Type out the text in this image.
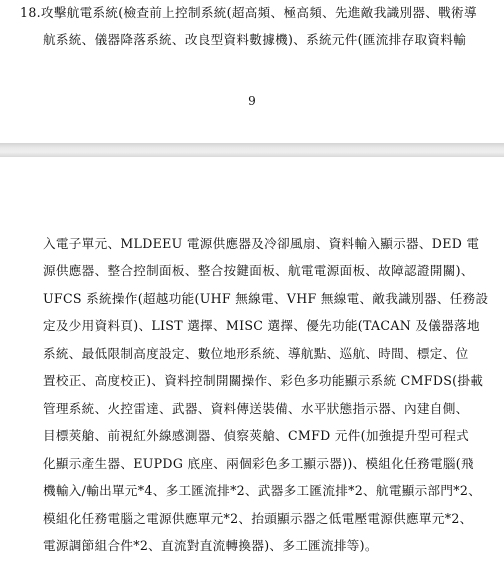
18.攻擊航電系統(檢查前上控制系統(超高頻、極高頻、先進敵我識別器、戰術導
航系統、儀器降落系統、改良型資料數據機)、系統元件(匯流排存取資料輸
9
入電子單元、MLDEEU 電源供應器及冷卻風扇、資料輸入顯示器、DED 電
源供應器、整合控制面板、整合按鍵面板、航電電源面板、故障認證開關)、
UFCS 系統操作(超越功能(UHF 無線電、VHF 無線電、敵我識別器、任務設
定及少用資料頁)、LIST 選擇、MISC 選擇、優先功能(TACAN 及儀器落地
系統、最低限制高度設定、數位地形系統、導航點、巡航、時間、標定、位
置校正、高度校正)、資料控制開關操作、彩色多功能顯示系統 CMFDS(掛載
管理系統、火控雷達、武器、資料傳送裝備、水平狀態指示器、內建自側、
目標莢艙、前視紅外線感測器、偵察莢艙、CMFD 元件(加強提升型可程式
化顯示產生器、EUPDG 底座、兩個彩色多工顯示器))、模組化任務電腦(飛
機輸入/輸出單元*4、多工匯流排*2、武器多工匯流排*2、航電顯示部門*2、
模組化任務電腦之電源供應單元*2、抬頭顯示器之低電壓電源供應單元*2、
電源調節組合件*2、直流對直流轉換器)、多工匯流排等)。
